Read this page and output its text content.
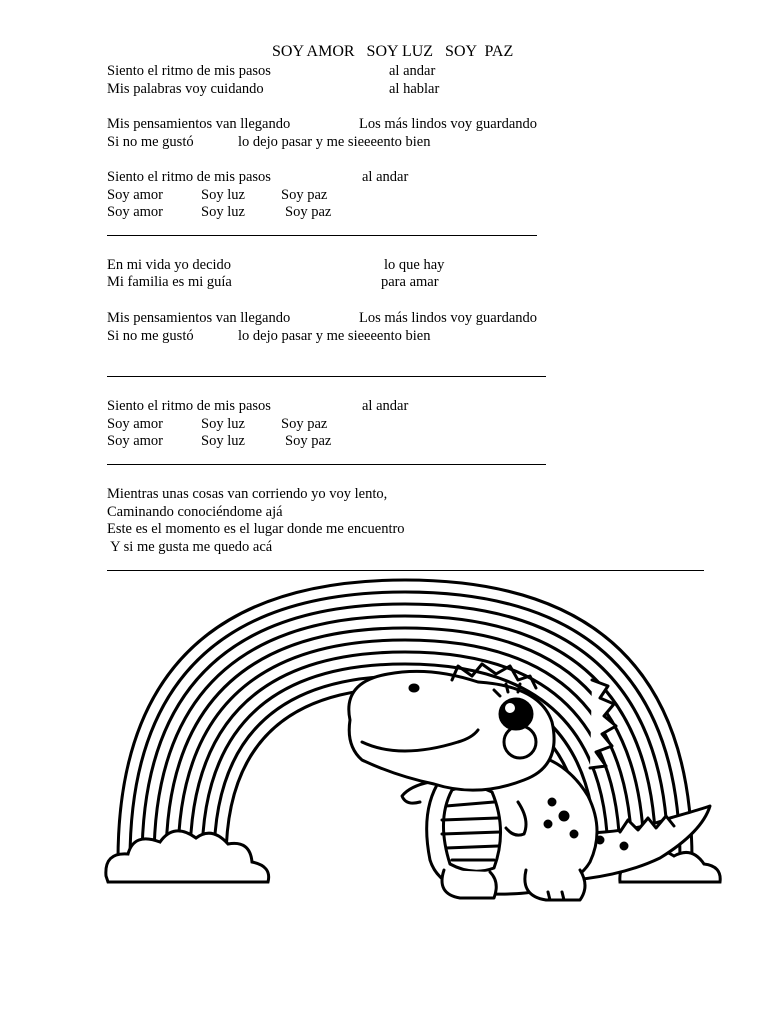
SOY AMOR   SOY LUZ   SOY  PAZ
Siento el ritmo de mis pasos	al andar
Mis palabras voy cuidando	al hablar
Mis pensamientos van llegando	Los más lindos voy guardando
Si no me gustó	lo dejo pasar y me sieeeento bien
Siento el ritmo de mis pasos	al andar
Soy amor	Soy luz Soy paz
Soy amor	Soy luz	Soy paz
En mi vida yo decido	lo que hay
Mi familia es mi guía	para amar
Mis pensamientos van llegando	Los más lindos voy guardando
Si no me gustó	lo dejo pasar y me sieeeento bien
Siento el ritmo de mis pasos	al andar
Soy amor	Soy luz Soy paz
Soy amor	Soy luz	Soy paz
Mientras unas cosas van corriendo yo voy lento,
Caminando conociéndome ajá
Este es el momento es el lugar donde me encuentro
Y si me gusta me quedo acá
